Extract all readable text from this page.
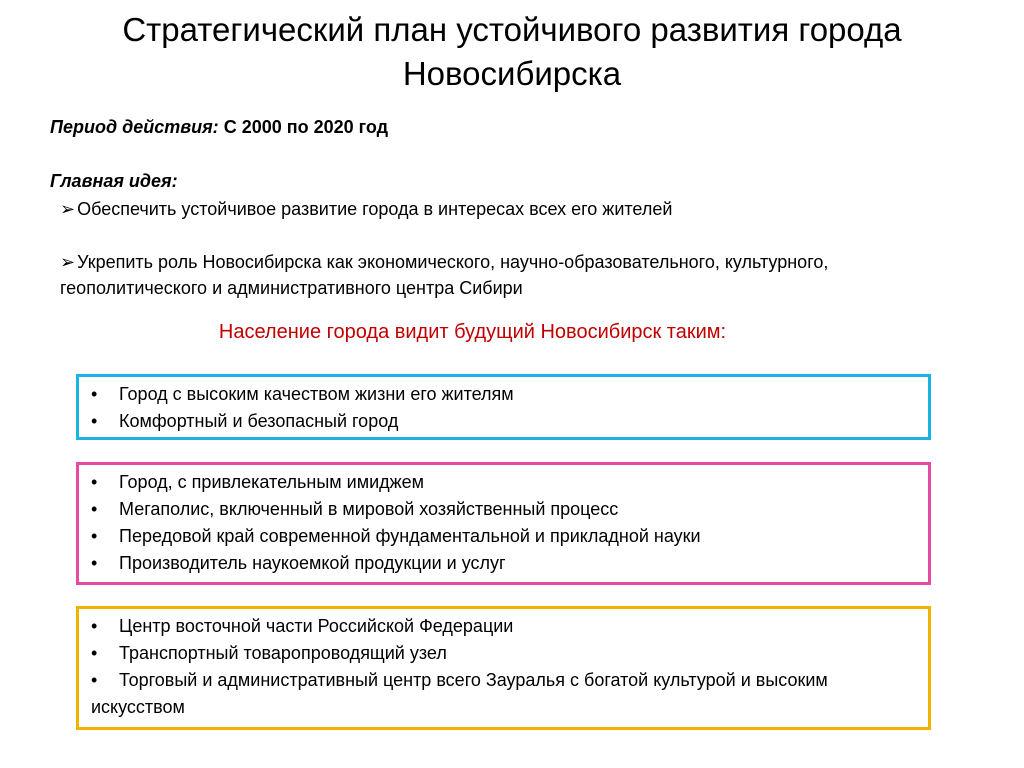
Стратегический план устойчивого развития города Новосибирска
Период действия: С 2000 по 2020 год
Главная идея:
➢ Обеспечить устойчивое развитие города в интересах всех его жителей
➢ Укрепить роль Новосибирска как экономического, научно-образовательного, культурного, геополитического и административного центра Сибири
Население города видит будущий Новосибирск таким:
• Город с высоким качеством жизни его жителям
• Комфортный и безопасный город
• Город, с привлекательным имиджем
• Мегаполис, включенный в мировой хозяйственный процесс
• Передовой край современной фундаментальной и прикладной науки
• Производитель наукоемкой продукции и услуг
• Центр восточной части Российской Федерации
• Транспортный товаропроводящий узел
• Торговый и административный центр всего Зауралья с богатой культурой и высоким искусством
